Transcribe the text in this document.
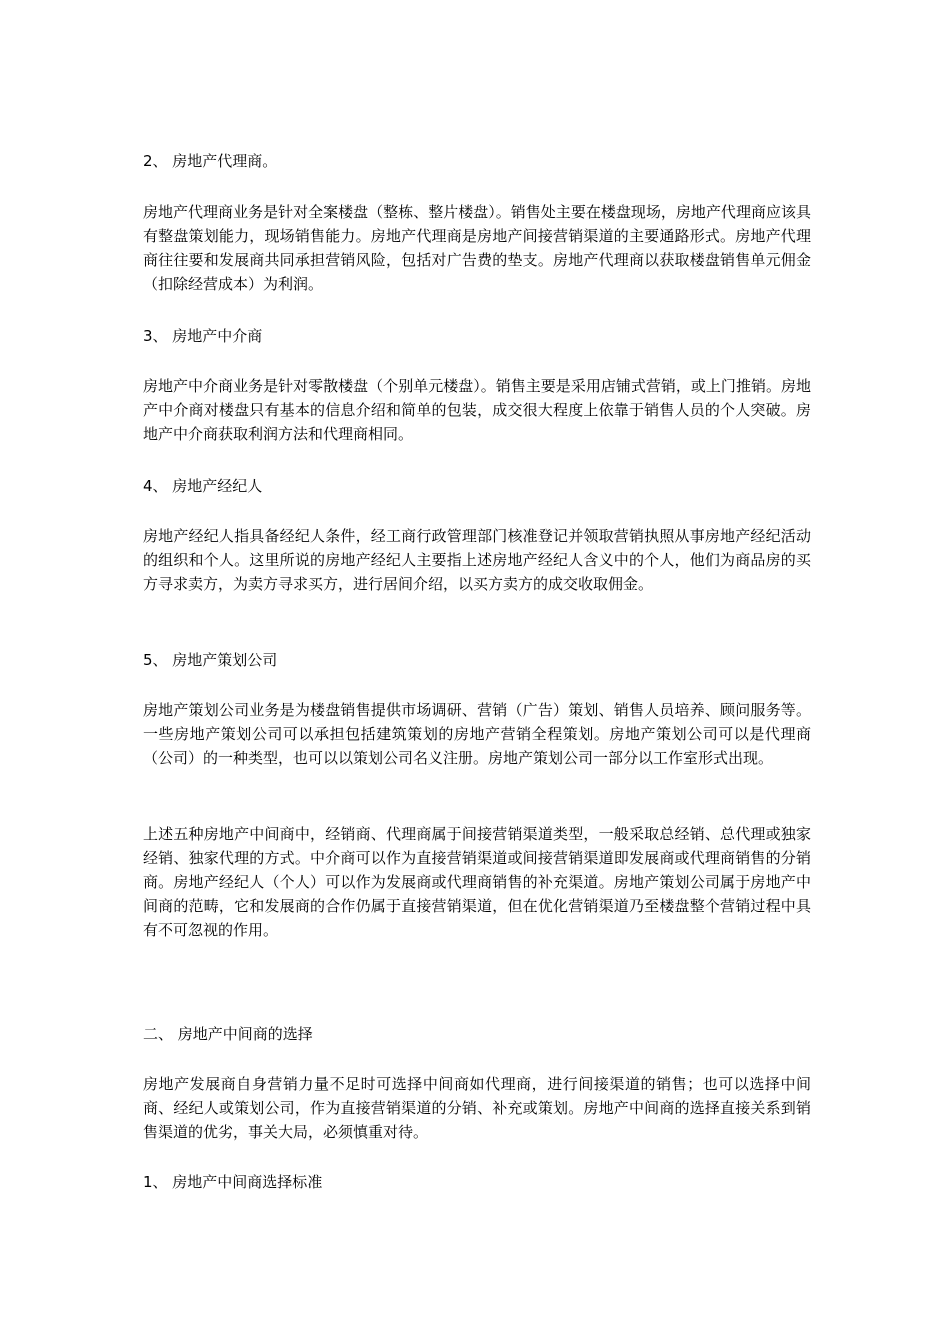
2、 房地产代理商。

房地产代理商业务是针对全案楼盘（整栋、整片楼盘）。销售处主要在楼盘现场，房地产代理商应该具有整盘策划能力，现场销售能力。房地产代理商是房地产间接营销渠道的主要通路形式。房地产代理商往往要和发展商共同承担营销风险，包括对广告费的垫支。房地产代理商以获取楼盘销售单元佣金（扣除经营成本）为利润。

3、 房地产中介商

房地产中介商业务是针对零散楼盘（个别单元楼盘）。销售主要是采用店铺式营销，或上门推销。房地产中介商对楼盘只有基本的信息介绍和简单的包装，成交很大程度上依靠于销售人员的个人突破。房地产中介商获取利润方法和代理商相同。

4、 房地产经纪人

房地产经纪人指具备经纪人条件，经工商行政管理部门核准登记并领取营销执照从事房地产经纪活动的组织和个人。这里所说的房地产经纪人主要指上述房地产经纪人含义中的个人，他们为商品房的买方寻求卖方，为卖方寻求买方，进行居间介绍，以买方卖方的成交收取佣金。

5、 房地产策划公司

房地产策划公司业务是为楼盘销售提供市场调研、营销（广告）策划、销售人员培养、顾问服务等。一些房地产策划公司可以承担包括建筑策划的房地产营销全程策划。房地产策划公司可以是代理商（公司）的一种类型，也可以以策划公司名义注册。房地产策划公司一部分以工作室形式出现。

上述五种房地产中间商中，经销商、代理商属于间接营销渠道类型，一般采取总经销、总代理或独家经销、独家代理的方式。中介商可以作为直接营销渠道或间接营销渠道即发展商或代理商销售的分销商。房地产经纪人（个人）可以作为发展商或代理商销售的补充渠道。房地产策划公司属于房地产中间商的范畴，它和发展商的合作仍属于直接营销渠道，但在优化营销渠道乃至楼盘整个营销过程中具有不可忽视的作用。

二、 房地产中间商的选择

房地产发展商自身营销力量不足时可选择中间商如代理商，进行间接渠道的销售；也可以选择中间商、经纪人或策划公司，作为直接营销渠道的分销、补充或策划。房地产中间商的选择直接关系到销售渠道的优劣，事关大局，必须慎重对待。

1、 房地产中间商选择标准
